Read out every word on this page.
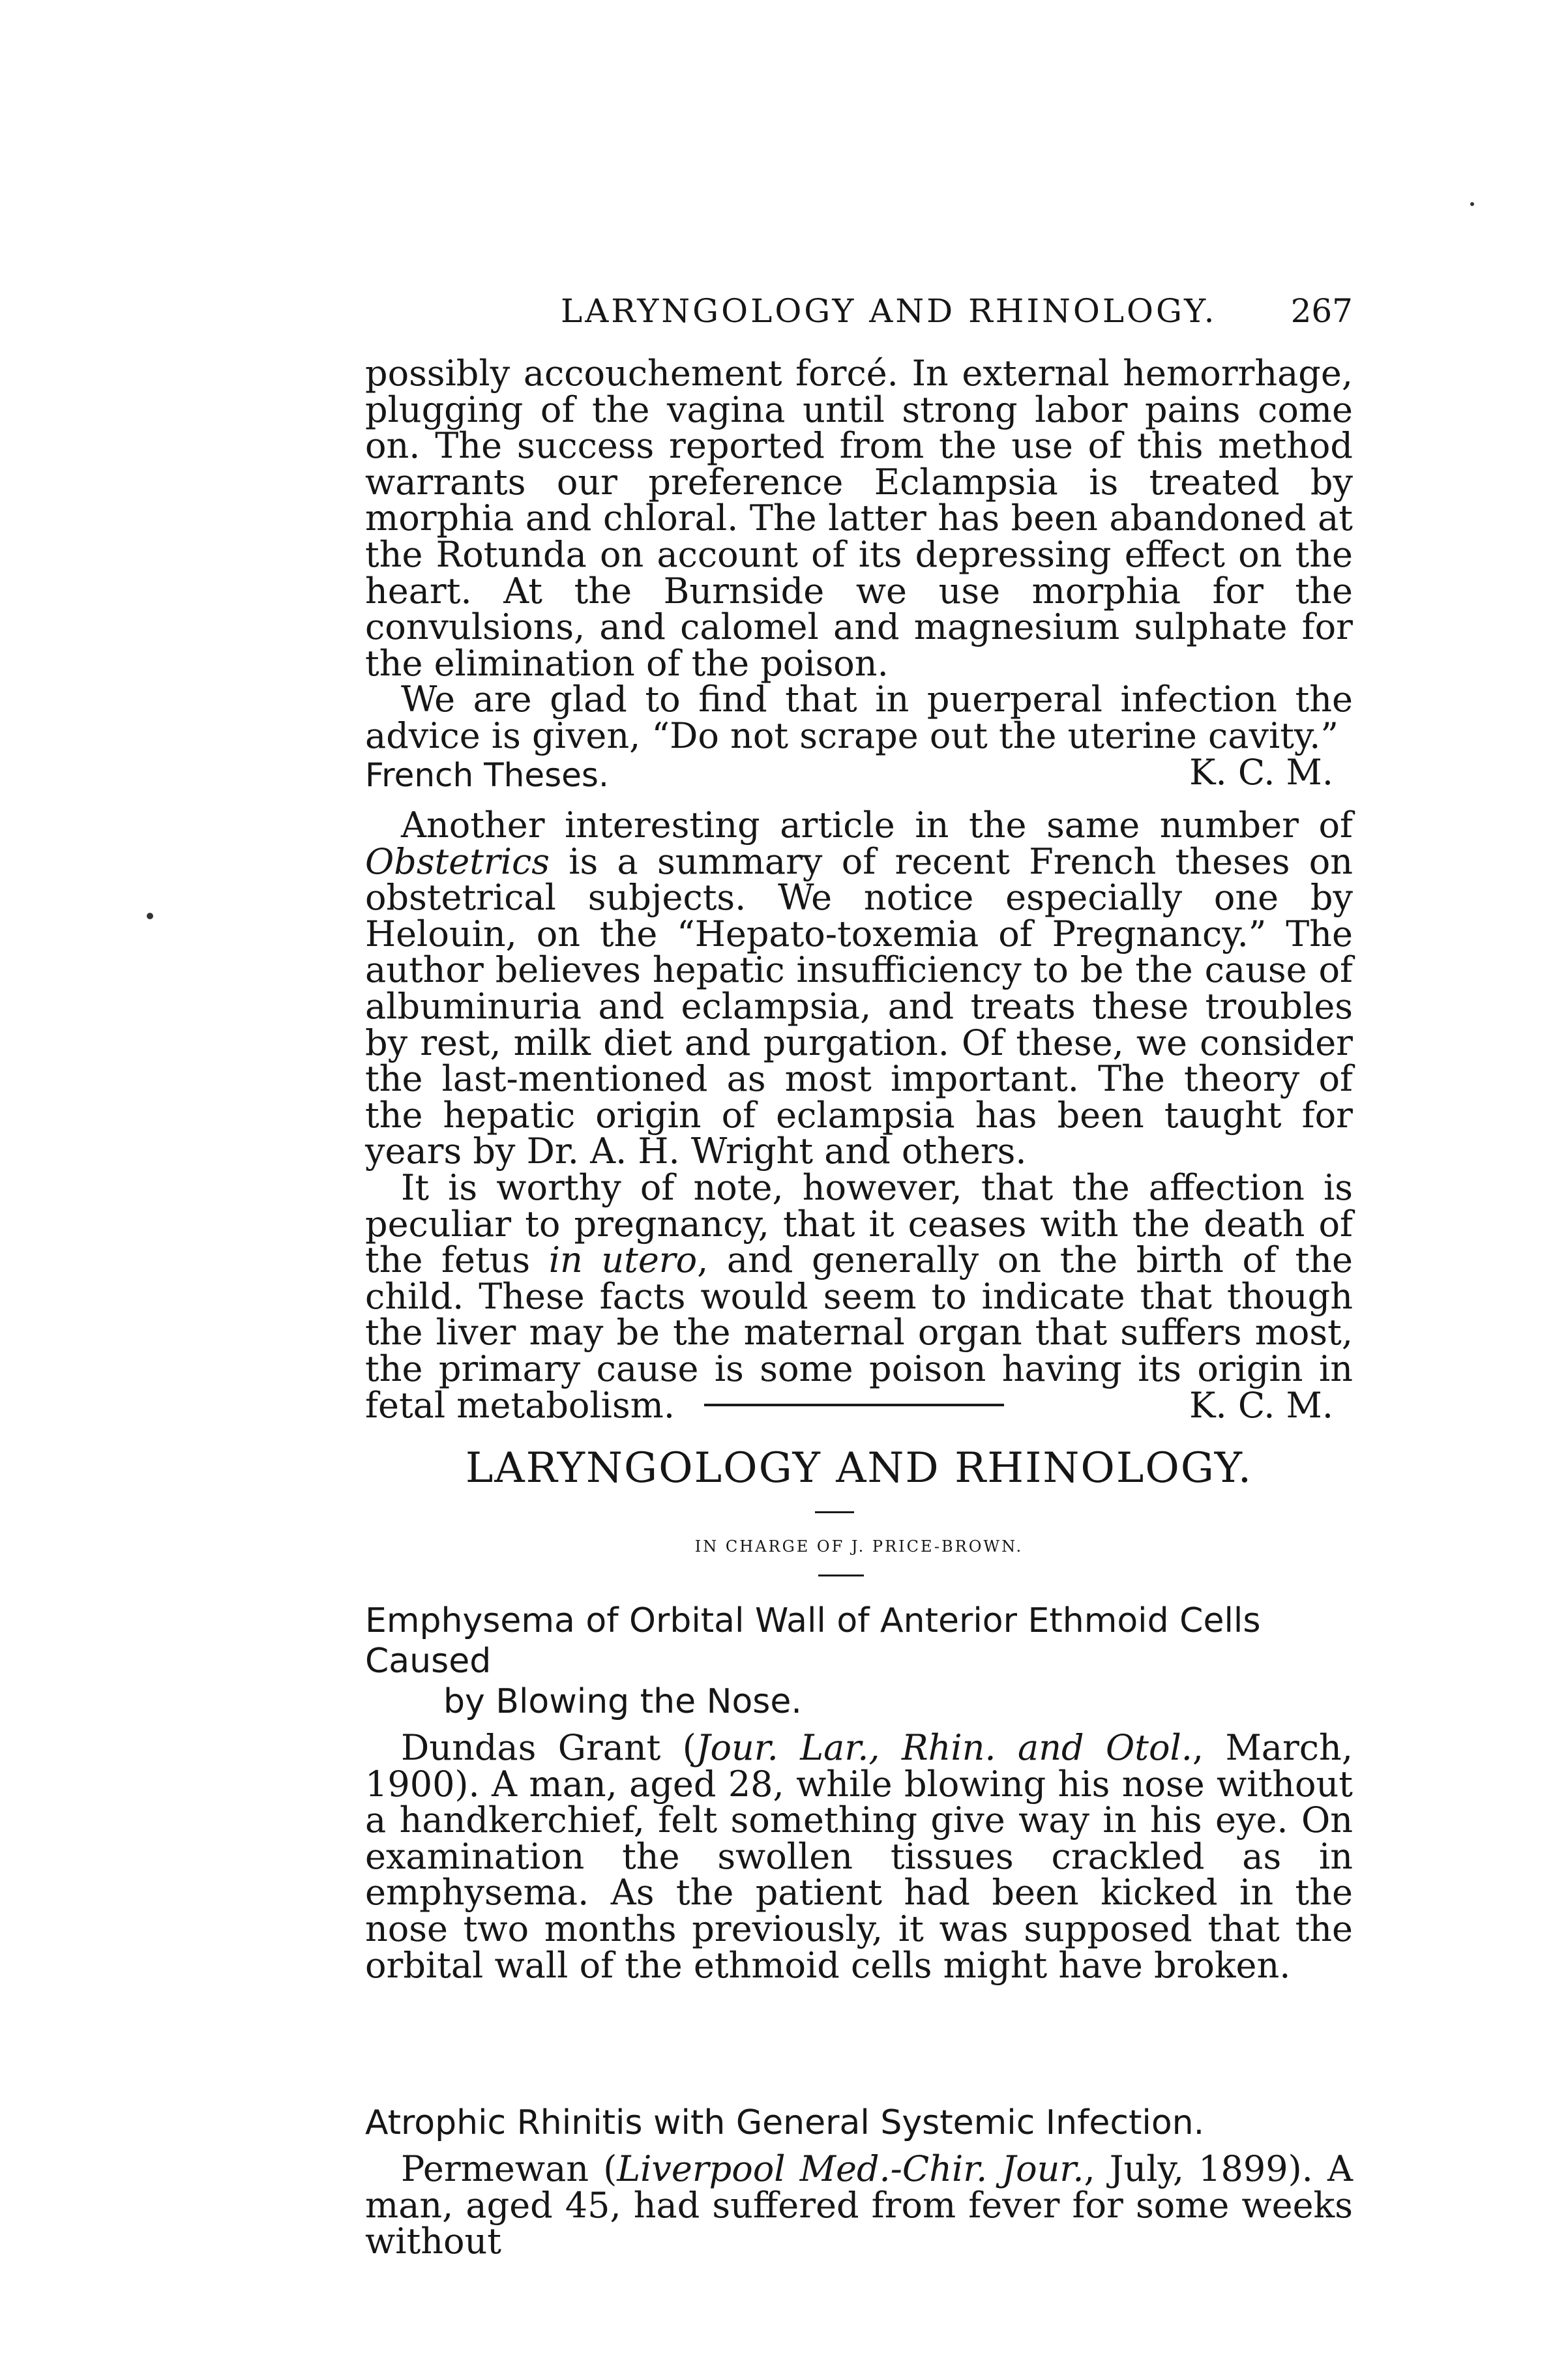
LARYNGOLOGY AND RHINOLOGY. 267

possibly accouchement forcé. In external hemorrhage, plugging of the vagina until strong labor pains come on. The success reported from the use of this method warrants our preference Eclampsia is treated by morphia and chloral. The latter has been abandoned at the Rotunda on account of its depressing effect on the heart. At the Burnside we use morphia for the convulsions, and calomel and magnesium sulphate for the elimination of the poison.

We are glad to find that in puerperal infection the advice is given, “Do not scrape out the uterine cavity.”
K. C. M.

French Theses.

Another interesting article in the same number of Obstetrics is a summary of recent French theses on obstetrical subjects. We notice especially one by Helouin, on the “Hepato-toxemia of Pregnancy.” The author believes hepatic insufficiency to be the cause of albuminuria and eclampsia, and treats these troubles by rest, milk diet and purgation. Of these, we consider the last-mentioned as most important. The theory of the hepatic origin of eclampsia has been taught for years by Dr. A. H. Wright and others.

It is worthy of note, however, that the affection is peculiar to pregnancy, that it ceases with the death of the fetus in utero, and generally on the birth of the child. These facts would seem to indicate that though the liver may be the maternal organ that suffers most, the primary cause is some poison having its origin in fetal metabolism.	K. C. M.

LARYNGOLOGY AND RHINOLOGY.
IN CHARGE OF J. PRICE-BROWN.
Emphysema of Orbital Wall of Anterior Ethmoid Cells Caused
by Blowing the Nose.

Dundas Grant (Jour. Lar., Rhin. and Otol., March, 1900). A man, aged 28, while blowing his nose without a handkerchief, felt something give way in his eye. On examination the swollen tissues crackled as in emphysema. As the patient had been kicked in the nose two months previously, it was supposed that the orbital wall of the ethmoid cells might have broken.

Atrophic Rhinitis with General Systemic Infection.

Permewan (Liverpool Med.-Chir. Jour., July, 1899). A man, aged 45, had suffered from fever for some weeks without
